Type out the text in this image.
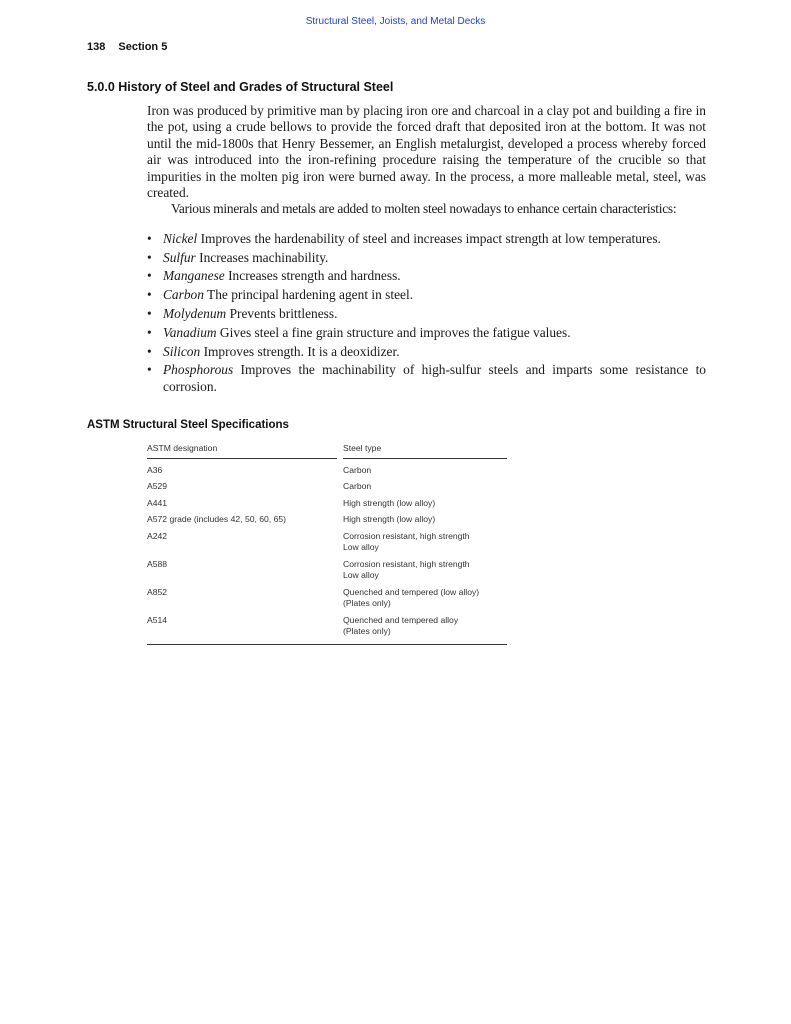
Structural Steel, Joists, and Metal Decks
138 Section 5
5.0.0 History of Steel and Grades of Structural Steel

Iron was produced by primitive man by placing iron ore and charcoal in a clay pot and building a fire in the pot, using a crude bellows to provide the forced draft that deposited iron at the bottom. It was not until the mid-1800s that Henry Bessemer, an English metalurgist, developed a process whereby forced air was introduced into the iron-refining procedure raising the temperature of the crucible so that impurities in the molten pig iron were burned away. In the process, a more malleable metal, steel, was created.

Various minerals and metals are added to molten steel nowadays to enhance certain characteristics:

• Nickel Improves the hardenability of steel and increases impact strength at low temperatures.
• Sulfur Increases machinability.
• Manganese Increases strength and hardness.
• Carbon The principal hardening agent in steel.
• Molydenum Prevents brittleness.
• Vanadium Gives steel a fine grain structure and improves the fatigue values.
• Silicon Improves strength. It is a deoxidizer.
• Phosphorous Improves the machinability of high-sulfur steels and imparts some resistance to corrosion.
ASTM Structural Steel Specifications
ASTM designation	Steel type
A36	Carbon
A529	Carbon
A441	High strength (low alloy)
A572 grade (includes 42, 50, 60, 65)	High strength (low alloy)
A242	Corrosion resistant, high strength
Low alloy
A588	Corrosion resistant, high strength
Low alloy
A852	Quenched and tempered (low alloy)
(Plates only)
A514	Quenched and tempered alloy
(Plates only)
